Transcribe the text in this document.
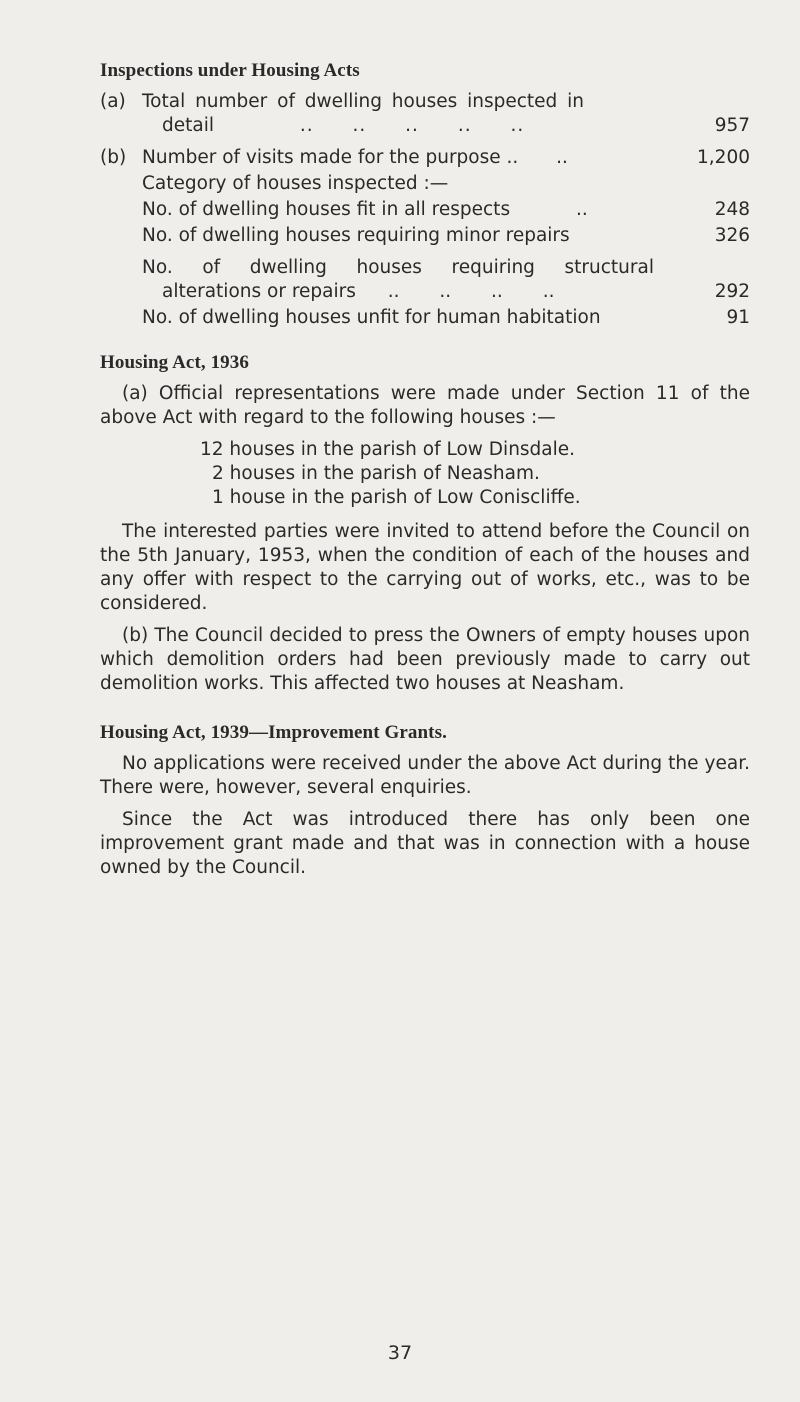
Inspections under Housing Acts
(a) Total number of dwelling houses inspected in
detail	.. .. .. .. ..	957
(b) Number of visits made for the purpose .. ..	1,200
Category of houses inspected :—
No. of dwelling houses fit in all respects	..	248
No. of dwelling houses requiring minor repairs	326
No. of dwelling houses requiring structural
alterations or repairs .. .. .. ..	292
No. of dwelling houses unfit for human habitation	91
Housing Act, 1936

(a) Official representations were made under Section 11 of the above Act with regard to the following houses :—

12 houses in the parish of Low Dinsdale.

2 houses in the parish of Neasham.

1 house in the parish of Low Coniscliffe.

The interested parties were invited to attend before the Council on the 5th January, 1953, when the condition of each of the houses and any offer with respect to the carrying out of works, etc., was to be considered.

(b) The Council decided to press the Owners of empty houses upon which demolition orders had been previously made to carry out demolition works. This affected two houses at Neasham.

Housing Act, 1939—Improvement Grants.

No applications were received under the above Act during the year. There were, however, several enquiries.

Since the Act was introduced there has only been one improvement grant made and that was in connection with a house owned by the Council.

37
